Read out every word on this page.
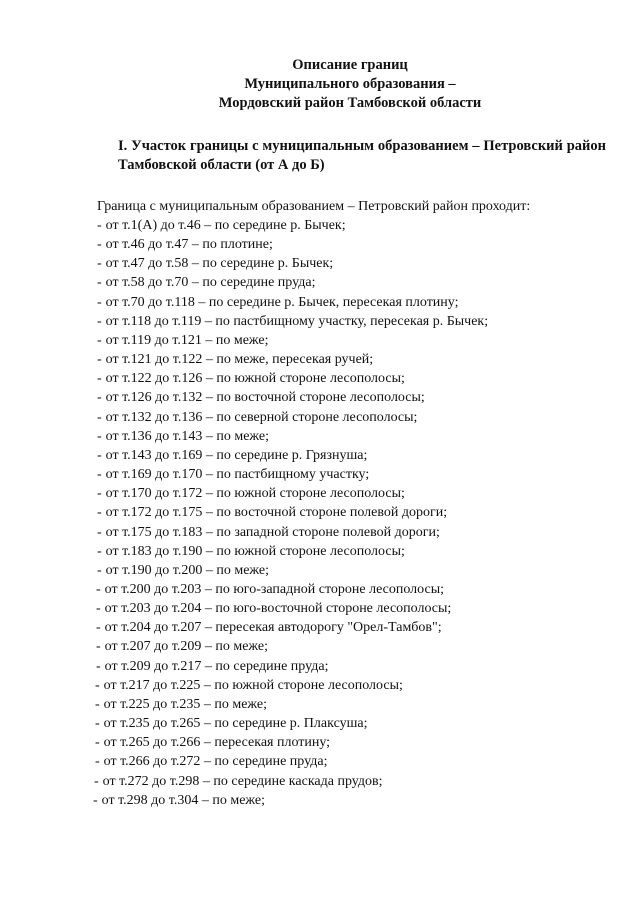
Описание границ
Муниципального образования –
Мордовский район Тамбовской области
I. Участок границы с муниципальным образованием – Петровский район Тамбовской области (от А до Б)
Граница с муниципальным образованием – Петровский район проходит:
- от т.1(А) до т.46 – по середине р. Бычек;
- от т.46 до т.47 – по плотине;
- от т.47 до т.58 – по середине р. Бычек;
- от т.58 до т.70 – по середине пруда;
- от т.70 до т.118 – по середине р. Бычек, пересекая плотину;
- от т.118 до т.119 – по пастбищному участку, пересекая р. Бычек;
- от т.119 до т.121 – по меже;
- от т.121 до т.122 – по меже, пересекая ручей;
- от т.122 до т.126 – по южной стороне лесополосы;
- от т.126 до т.132 – по восточной стороне лесополосы;
- от т.132 до т.136 – по северной стороне лесополосы;
- от т.136 до т.143 – по меже;
- от т.143 до т.169 – по середине р. Грязнуша;
- от т.169 до т.170 – по пастбищному участку;
- от т.170 до т.172 – по южной стороне лесополосы;
- от т.172 до т.175 – по восточной стороне полевой дороги;
- от т.175 до т.183 – по западной стороне полевой дороги;
- от т.183 до т.190 – по южной стороне лесополосы;
- от т.190 до т.200 – по меже;
- от т.200 до т.203 – по юго-западной стороне лесополосы;
- от т.203 до т.204 – по юго-восточной стороне лесополосы;
- от т.204 до т.207 – пересекая автодорогу "Орел-Тамбов";
- от т.207 до т.209 – по меже;
- от т.209 до т.217 – по середине пруда;
- от т.217 до т.225 – по южной стороне лесополосы;
- от т.225 до т.235 – по меже;
- от т.235 до т.265 – по середине р. Плаксуша;
- от т.265 до т.266 – пересекая плотину;
- от т.266 до т.272 – по середине пруда;
- от т.272 до т.298 – по середине каскада прудов;
- от т.298 до т.304 – по меже;
